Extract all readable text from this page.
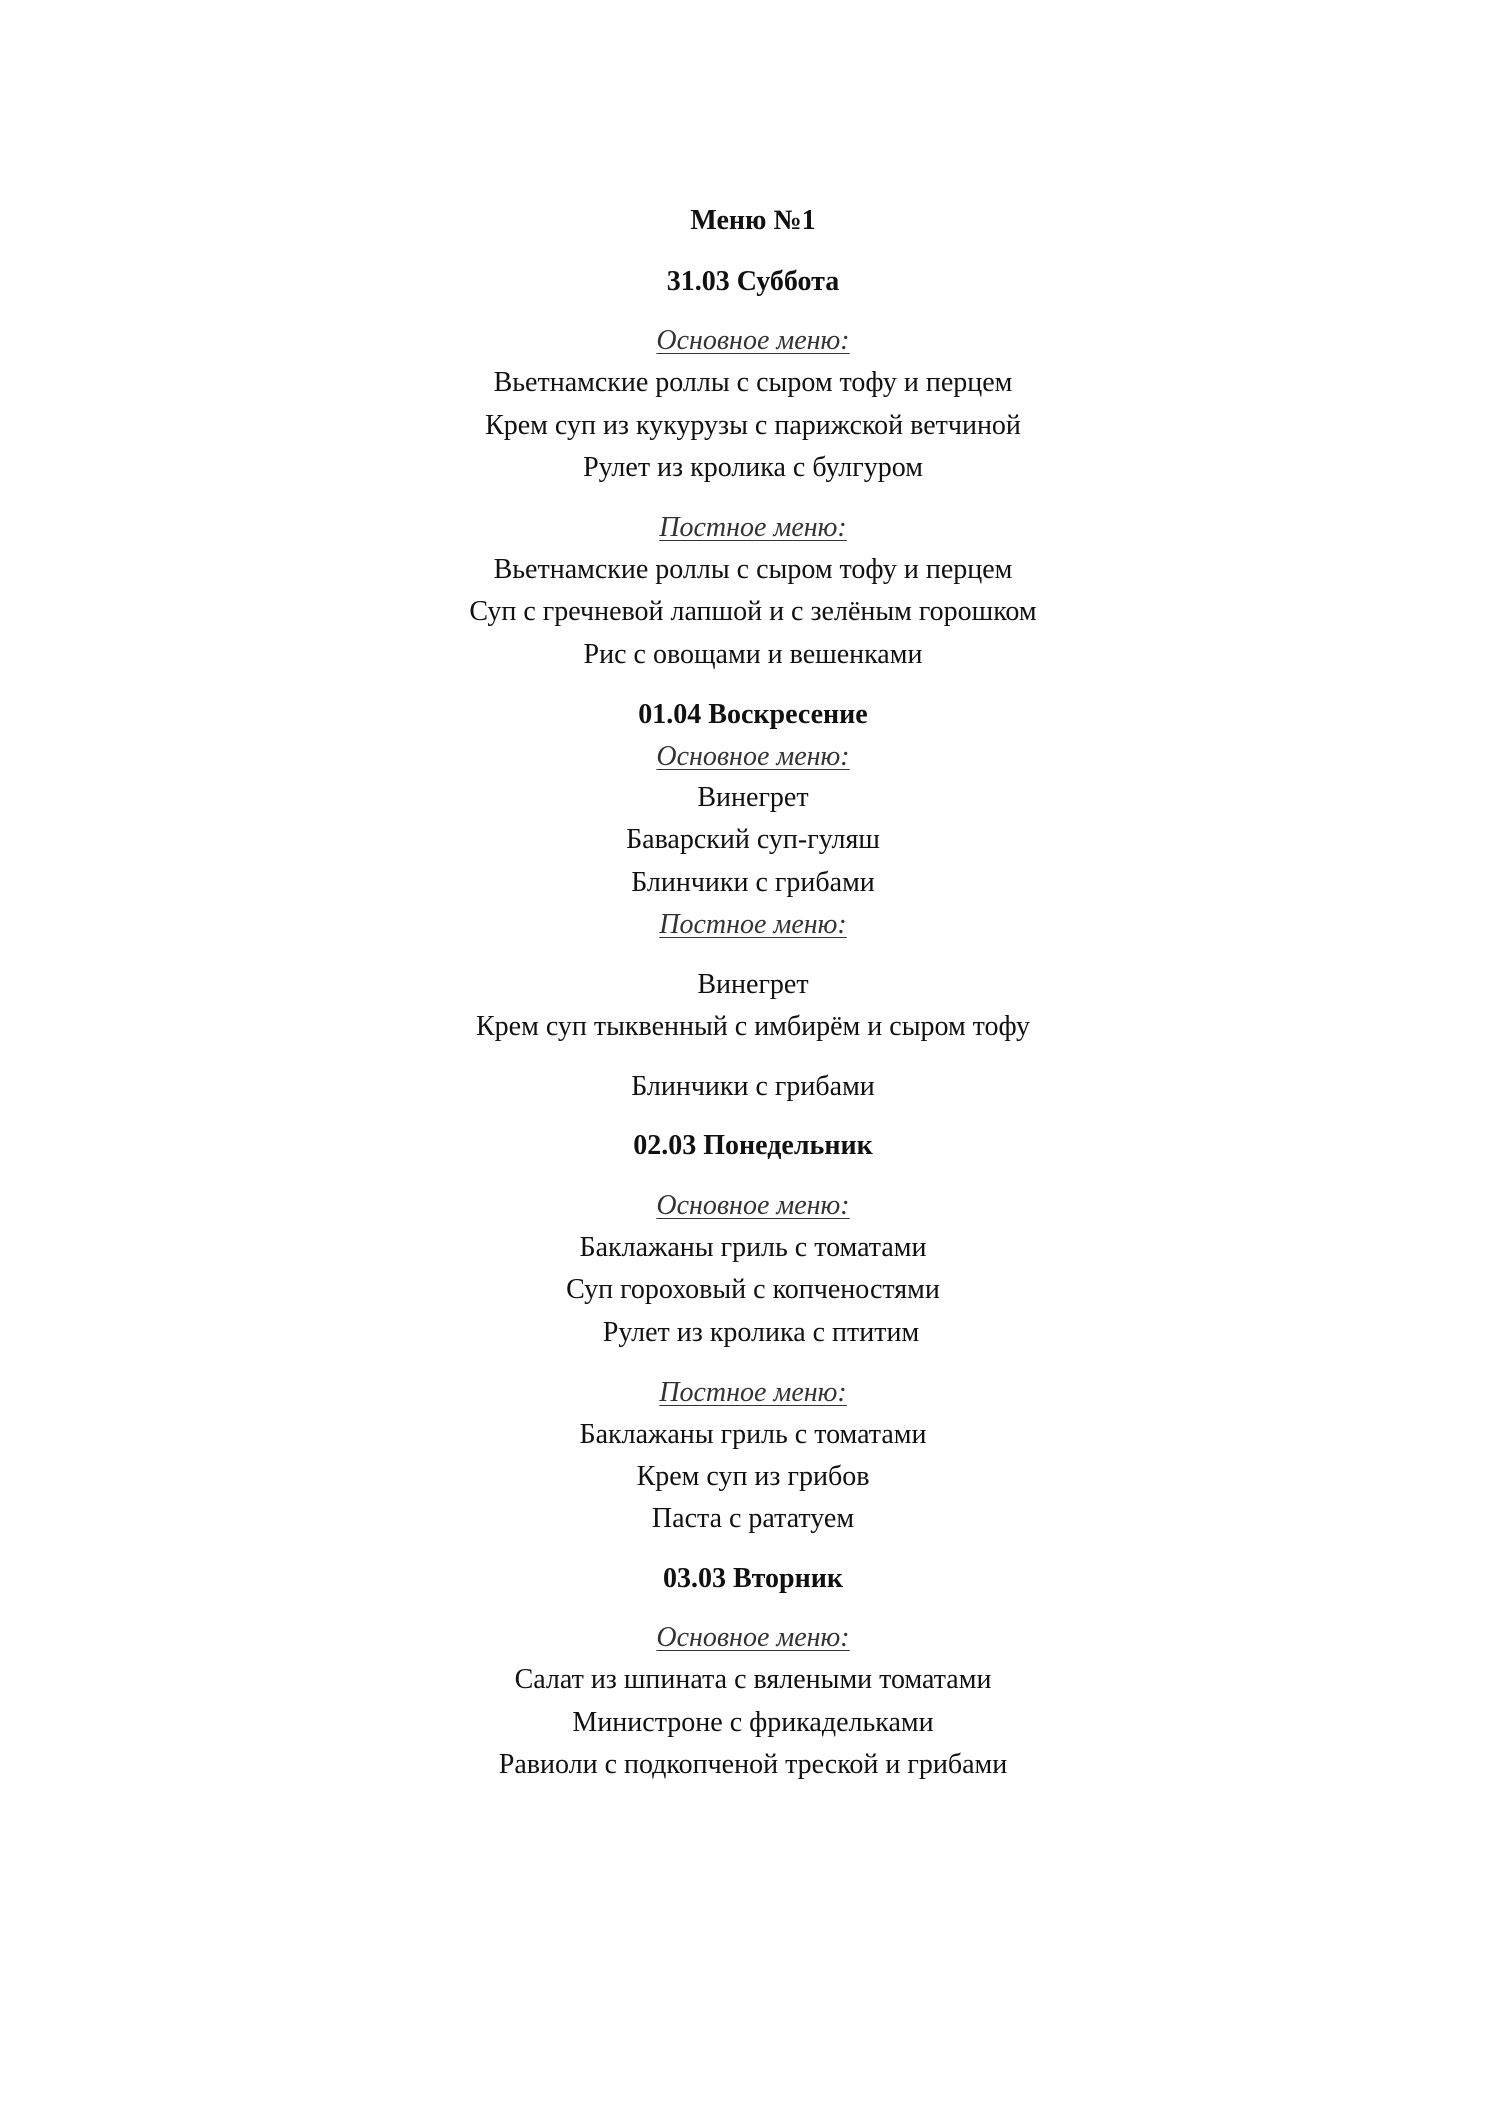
Меню №1
31.03 Суббота
Основное меню:
Вьетнамские роллы с сыром тофу и перцем
Крем суп из кукурузы с парижской ветчиной
Рулет из кролика с булгуром
Постное меню:
Вьетнамские роллы с сыром тофу и перцем
Суп с гречневой лапшой и с зелёным горошком
Рис с овощами и вешенками
01.04 Воскресение
Основное меню:
Винегрет
Баварский суп-гуляш
Блинчики с грибами
Постное меню:
Винегрет
Крем суп тыквенный с имбирём и сыром тофу
Блинчики с грибами
02.03 Понедельник
Основное меню:
Баклажаны гриль с томатами
Суп гороховый с копченостями
Рулет из кролика с птитим
Постное меню:
Баклажаны гриль с томатами
Крем суп из грибов
Паста с рататуем
03.03 Вторник
Основное меню:
Салат из шпината с вялеными томатами
Министроне с фрикадельками
Равиоли с подкопченой треской и грибами
